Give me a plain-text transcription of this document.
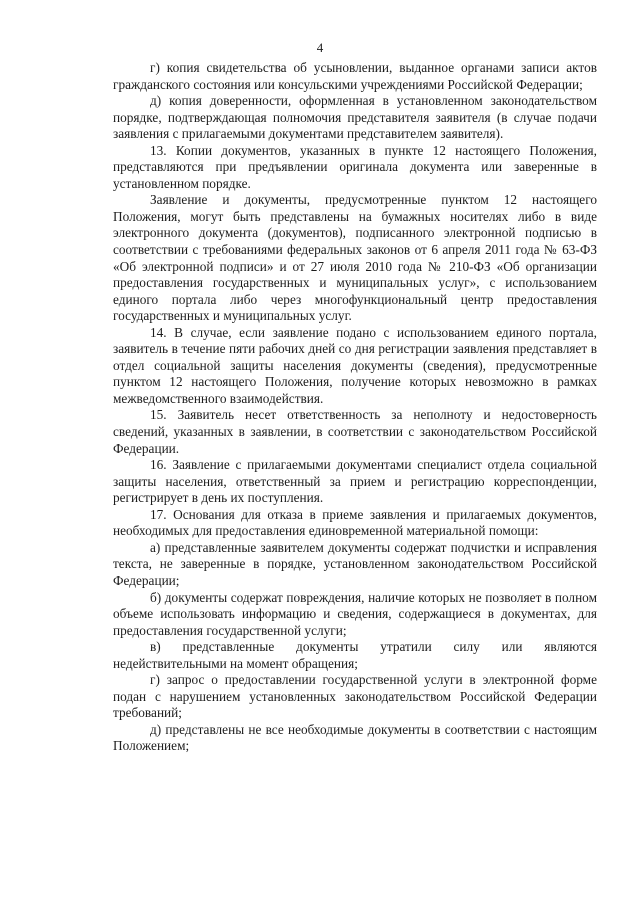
4

г) копия свидетельства об усыновлении, выданное органами записи актов гражданского состояния или консульскими учреждениями Российской Федерации;

д) копия доверенности, оформленная в установленном законодательством порядке, подтверждающая полномочия представителя заявителя (в случае подачи заявления с прилагаемыми документами представителем заявителя).

13. Копии документов, указанных в пункте 12 настоящего Положения, представляются при предъявлении оригинала документа или заверенные в установленном порядке.

Заявление и документы, предусмотренные пунктом 12 настоящего Положения, могут быть представлены на бумажных носителях либо в виде электронного документа (документов), подписанного электронной подписью в соответствии с требованиями федеральных законов от 6 апреля 2011 года № 63-ФЗ «Об электронной подписи» и от 27 июля 2010 года № 210-ФЗ «Об организации предоставления государственных и муниципальных услуг», с использованием единого портала либо через многофункциональный центр предоставления государственных и муниципальных услуг.

14. В случае, если заявление подано с использованием единого портала, заявитель в течение пяти рабочих дней со дня регистрации заявления представляет в отдел социальной защиты населения документы (сведения), предусмотренные пунктом 12 настоящего Положения, получение которых невозможно в рамках межведомственного взаимодействия.

15. Заявитель несет ответственность за неполноту и недостоверность сведений, указанных в заявлении, в соответствии с законодательством Российской Федерации.

16. Заявление с прилагаемыми документами специалист отдела социальной защиты населения, ответственный за прием и регистрацию корреспонденции, регистрирует в день их поступления.

17. Основания для отказа в приеме заявления и прилагаемых документов, необходимых для предоставления единовременной материальной помощи:

а) представленные заявителем документы содержат подчистки и исправления текста, не заверенные в порядке, установленном законодательством Российской Федерации;

б) документы содержат повреждения, наличие которых не позволяет в полном объеме использовать информацию и сведения, содержащиеся в документах, для предоставления государственной услуги;

в) представленные документы утратили силу или являются недействительными на момент обращения;

г) запрос о предоставлении государственной услуги в электронной форме подан с нарушением установленных законодательством Российской Федерации требований;

д) представлены не все необходимые документы в соответствии с настоящим Положением;
